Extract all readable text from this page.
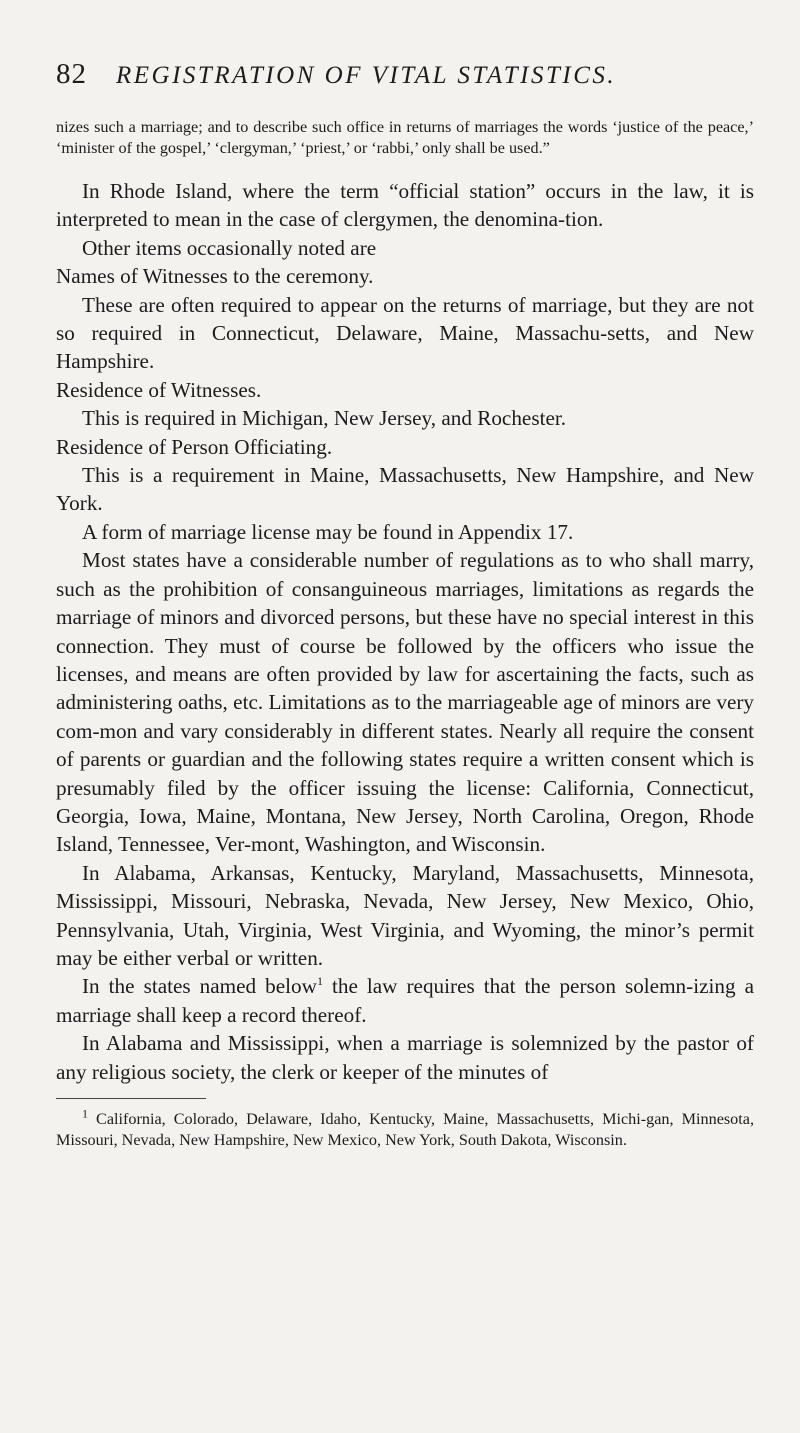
82 REGISTRATION OF VITAL STATISTICS.

nizes such a marriage; and to describe such office in returns of marriages the words ‘justice of the peace,’ ‘minister of the gospel,’ ‘clergyman,’ ‘priest,’ or ‘rabbi,’ only shall be used.”

In Rhode Island, where the term “official station” occurs in the law, it is interpreted to mean in the case of clergymen, the denomina-tion.

Other items occasionally noted are

Names of Witnesses to the ceremony.

These are often required to appear on the returns of marriage, but they are not so required in Connecticut, Delaware, Maine, Massachu-setts, and New Hampshire.

Residence of Witnesses.

This is required in Michigan, New Jersey, and Rochester.

Residence of Person Officiating.

This is a requirement in Maine, Massachusetts, New Hampshire, and New York.

A form of marriage license may be found in Appendix 17.

Most states have a considerable number of regulations as to who shall marry, such as the prohibition of consanguineous marriages, limitations as regards the marriage of minors and divorced persons, but these have no special interest in this connection. They must of course be followed by the officers who issue the licenses, and means are often provided by law for ascertaining the facts, such as administering oaths, etc. Limitations as to the marriageable age of minors are very com-mon and vary considerably in different states. Nearly all require the consent of parents or guardian and the following states require a written consent which is presumably filed by the officer issuing the license: California, Connecticut, Georgia, Iowa, Maine, Montana, New Jersey, North Carolina, Oregon, Rhode Island, Tennessee, Ver-mont, Washington, and Wisconsin.

In Alabama, Arkansas, Kentucky, Maryland, Massachusetts, Minnesota, Mississippi, Missouri, Nebraska, Nevada, New Jersey, New Mexico, Ohio, Pennsylvania, Utah, Virginia, West Virginia, and Wyoming, the minor’s permit may be either verbal or written.

In the states named below$^1$ the law requires that the person solemn-izing a marriage shall keep a record thereof.

In Alabama and Mississippi, when a marriage is solemnized by the pastor of any religious society, the clerk or keeper of the minutes of

$^1$ California, Colorado, Delaware, Idaho, Kentucky, Maine, Massachusetts, Michi-gan, Minnesota, Missouri, Nevada, New Hampshire, New Mexico, New York, South Dakota, Wisconsin.
